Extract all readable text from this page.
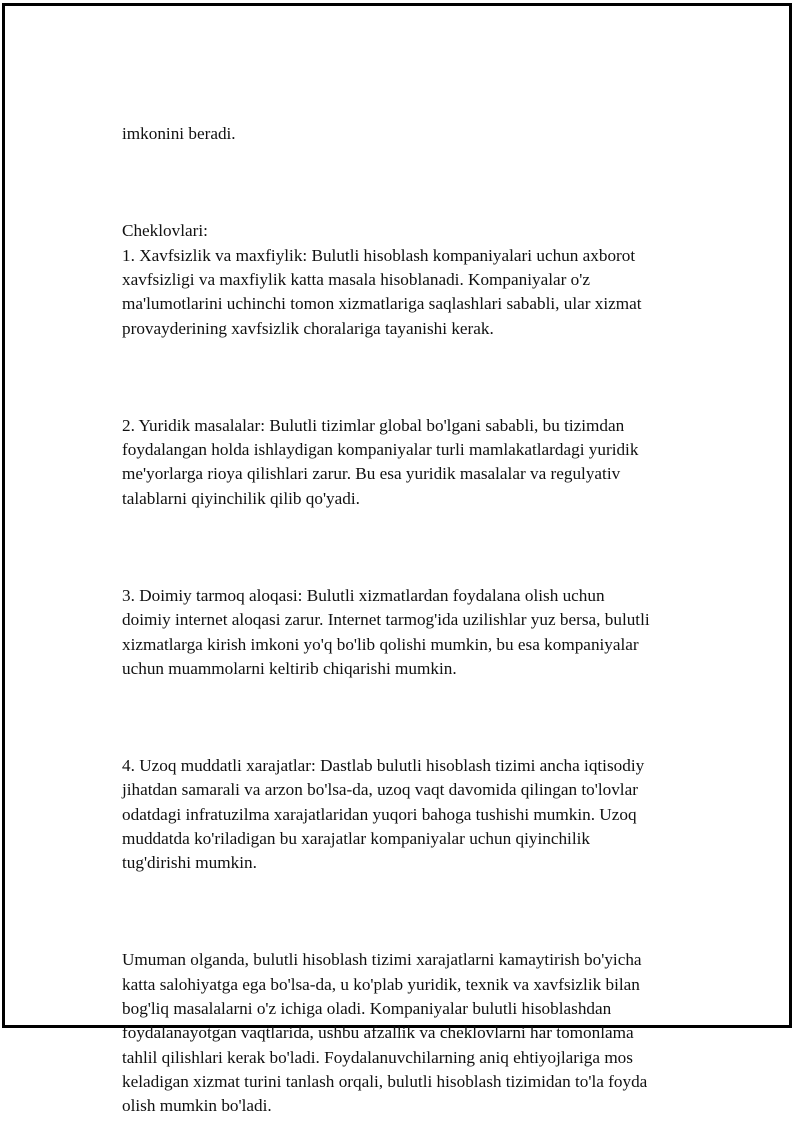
imkonini beradi.

Cheklovlari:
1. Xavfsizlik va maxfiylik: Bulutli hisoblash kompaniyalari uchun axborot
xavfsizligi va maxfiylik katta masala hisoblanadi. Kompaniyalar o'z
ma'lumotlarini uchinchi tomon xizmatlariga saqlashlari sababli, ular xizmat
provayderining xavfsizlik choralariga tayanishi kerak.

2. Yuridik masalalar: Bulutli tizimlar global bo'lgani sababli, bu tizimdan
foydalangan holda ishlaydigan kompaniyalar turli mamlakatlardagi yuridik
me'yorlarga rioya qilishlari zarur. Bu esa yuridik masalalar va regulyativ
talablarni qiyinchilik qilib qo'yadi.

3. Doimiy tarmoq aloqasi: Bulutli xizmatlardan foydalana olish uchun
doimiy internet aloqasi zarur. Internet tarmog'ida uzilishlar yuz bersa, bulutli
xizmatlarga kirish imkoni yo'q bo'lib qolishi mumkin, bu esa kompaniyalar
uchun muammolarni keltirib chiqarishi mumkin.

4. Uzoq muddatli xarajatlar: Dastlab bulutli hisoblash tizimi ancha iqtisodiy
jihatdan samarali va arzon bo'lsa-da, uzoq vaqt davomida qilingan to'lovlar
odatdagi infratuzilma xarajatlaridan yuqori bahoga tushishi mumkin. Uzoq
muddatda ko'riladigan bu xarajatlar kompaniyalar uchun qiyinchilik
tug'dirishi mumkin.

Umuman olganda, bulutli hisoblash tizimi xarajatlarni kamaytirish bo'yicha
katta salohiyatga ega bo'lsa-da, u ko'plab yuridik, texnik va xavfsizlik bilan
bog'liq masalalarni o'z ichiga oladi. Kompaniyalar bulutli hisoblashdan
foydalanayotgan vaqtlarida, ushbu afzallik va cheklovlarni har tomonlama
tahlil qilishlari kerak bo'ladi. Foydalanuvchilarning aniq ehtiyojlariga mos
keladigan xizmat turini tanlash orqali, bulutli hisoblash tizimidan to'la foyda
olish mumkin bo'ladi.
